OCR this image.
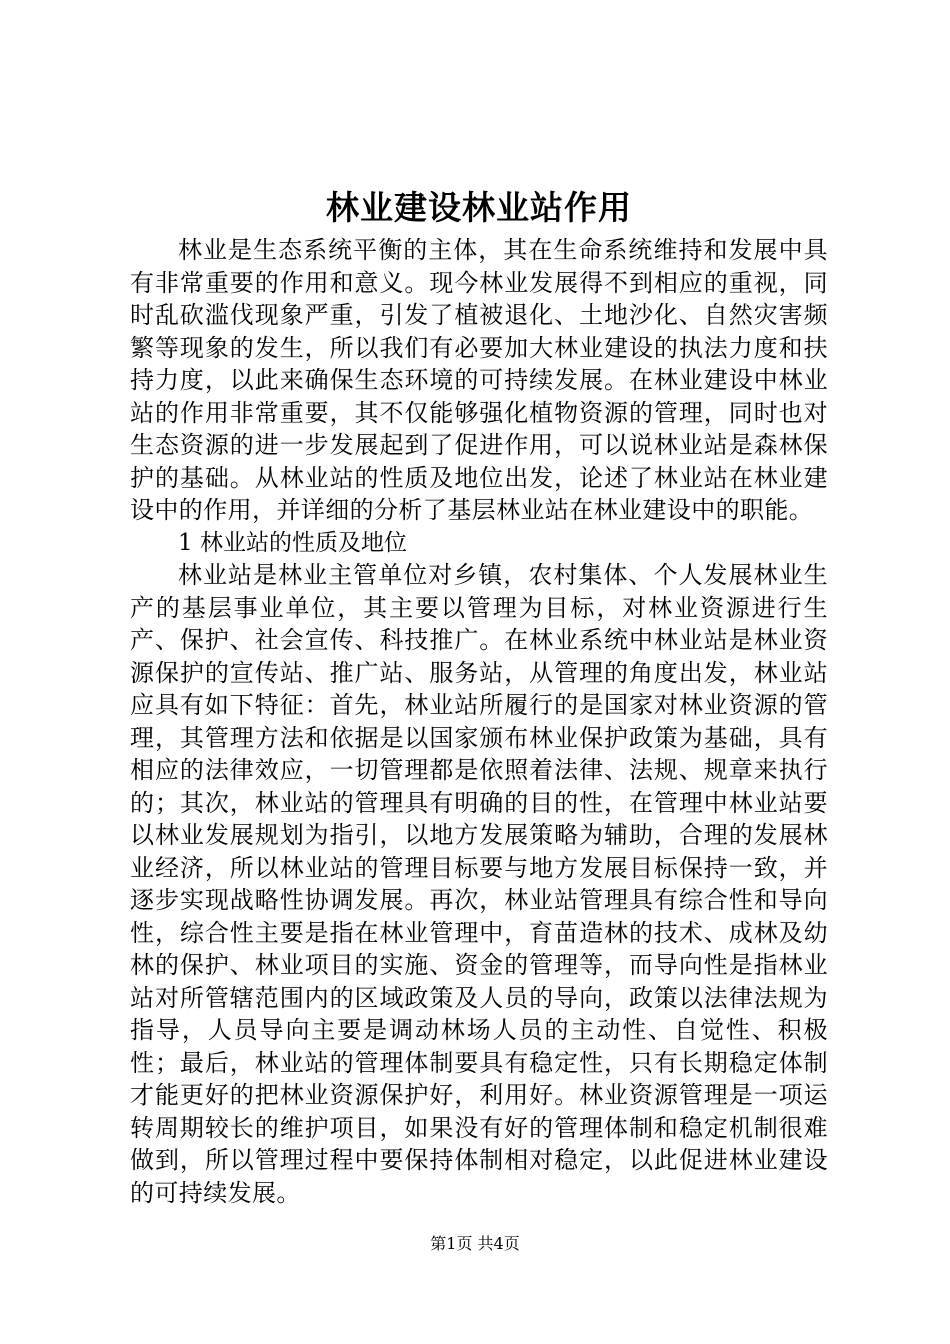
林业建设林业站作用

林业是生态系统平衡的主体，其在生命系统维持和发展中具有非常重要的作用和意义。现今林业发展得不到相应的重视，同时乱砍滥伐现象严重，引发了植被退化、土地沙化、自然灾害频繁等现象的发生，所以我们有必要加大林业建设的执法力度和扶持力度，以此来确保生态环境的可持续发展。在林业建设中林业站的作用非常重要，其不仅能够强化植物资源的管理，同时也对生态资源的进一步发展起到了促进作用，可以说林业站是森林保护的基础。从林业站的性质及地位出发，论述了林业站在林业建设中的作用，并详细的分析了基层林业站在林业建设中的职能。

1 林业站的性质及地位

林业站是林业主管单位对乡镇，农村集体、个人发展林业生产的基层事业单位，其主要以管理为目标，对林业资源进行生产、保护、社会宣传、科技推广。在林业系统中林业站是林业资源保护的宣传站、推广站、服务站，从管理的角度出发，林业站应具有如下特征：首先，林业站所履行的是国家对林业资源的管理，其管理方法和依据是以国家颁布林业保护政策为基础，具有相应的法律效应，一切管理都是依照着法律、法规、规章来执行的；其次，林业站的管理具有明确的目的性，在管理中林业站要以林业发展规划为指引，以地方发展策略为辅助，合理的发展林业经济，所以林业站的管理目标要与地方发展目标保持一致，并逐步实现战略性协调发展。再次，林业站管理具有综合性和导向性，综合性主要是指在林业管理中，育苗造林的技术、成林及幼林的保护、林业项目的实施、资金的管理等，而导向性是指林业站对所管辖范围内的区域政策及人员的导向，政策以法律法规为指导，人员导向主要是调动林场人员的主动性、自觉性、积极性；最后，林业站的管理体制要具有稳定性，只有长期稳定体制才能更好的把林业资源保护好，利用好。林业资源管理是一项运转周期较长的维护项目，如果没有好的管理体制和稳定机制很难做到，所以管理过程中要保持体制相对稳定，以此促进林业建设的可持续发展。

第1页 共4页
